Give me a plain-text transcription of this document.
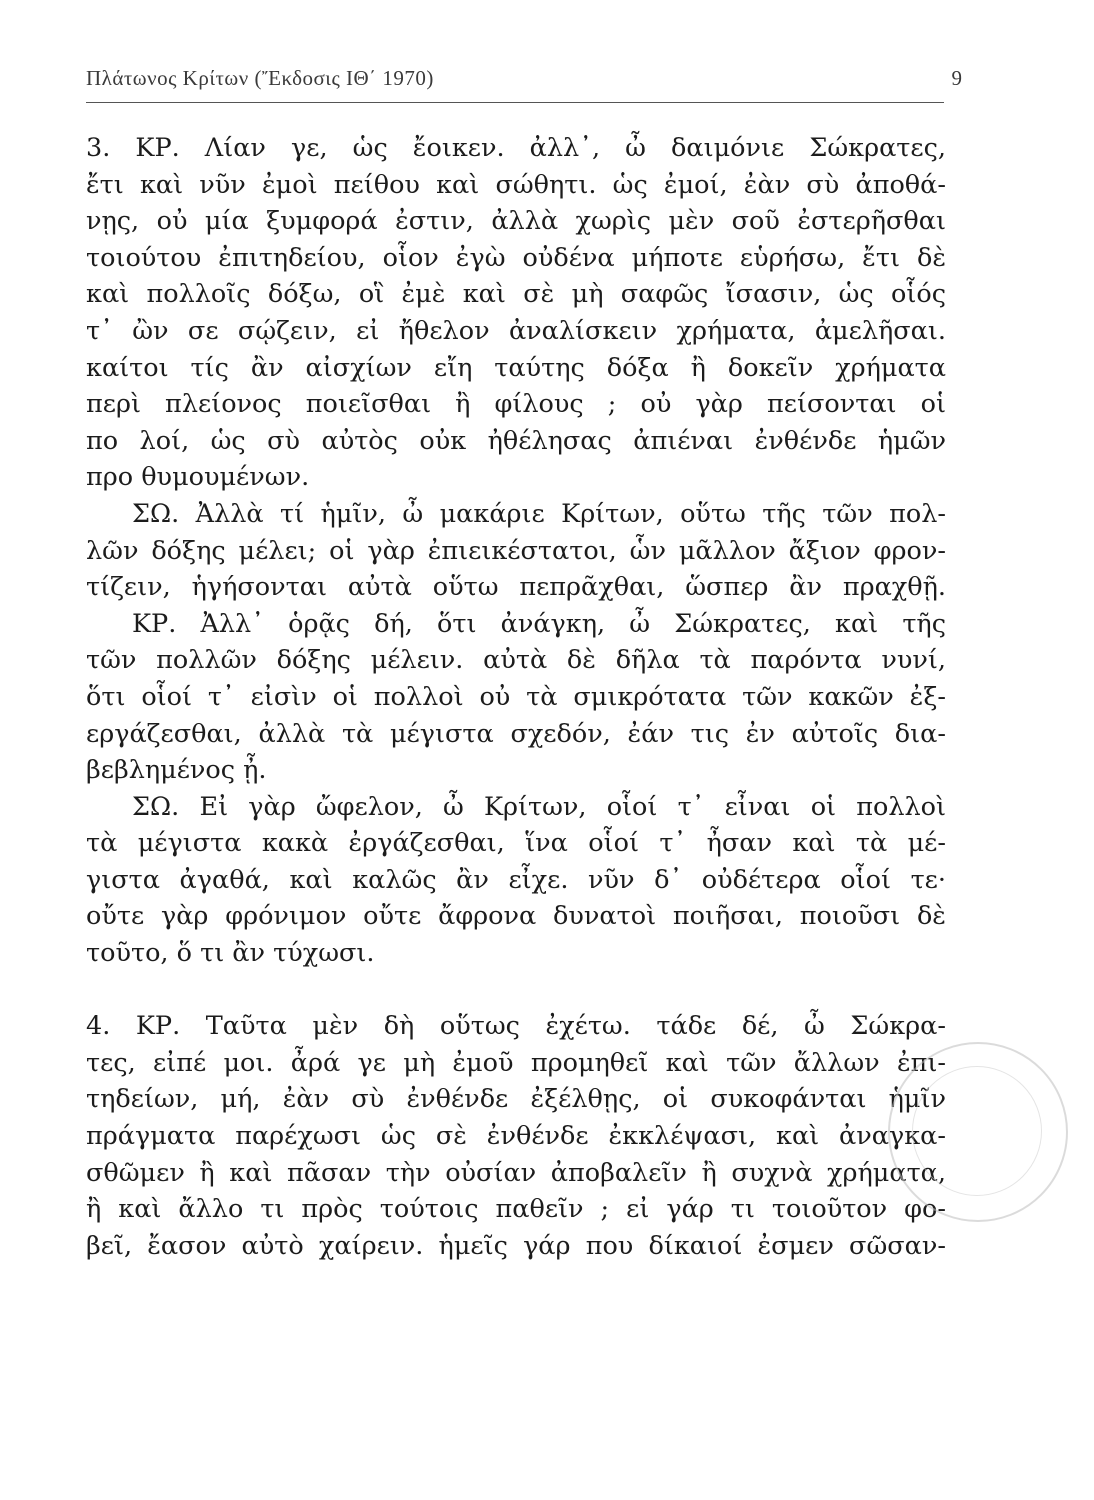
Πλάτωνος Κρίτων (Ἔκδοσις ΙΘ΄ 1970)	9
3. ΚΡ. Λίαν γε, ὡς ἔοικεν. ἀλλ᾽, ὦ δαιμόνιε Σώκρατες,
ἔτι καὶ νῦν ἐμοὶ πείθου καὶ σώθητι. ὡς ἐμοί, ἐὰν σὺ ἀποθά-
νῃς, οὐ μία ξυμφορά ἐστιν, ἀλλὰ χωρὶς μὲν σοῦ ἐστερῆσθαι
τοιούτου ἐπιτηδείου, οἷον ἐγὼ οὐδένα μήποτε εὑρήσω, ἔτι δὲ
καὶ πολλοῖς δόξω, οἳ ἐμὲ καὶ σὲ μὴ σαφῶς ἴσασιν, ὡς οἷός
τ᾽ ὢν σε σῴζειν, εἰ ἤθελον ἀναλίσκειν χρήματα, ἀμελῆσαι.
καίτοι τίς ἂν αἰσχίων εἴη ταύτης δόξα ἢ δοκεῖν χρήματα
περὶ πλείονος ποιεῖσθαι ἢ φίλους ; οὐ γὰρ πείσονται οἱ
πο λοί, ὡς σὺ αὐτὸς οὐκ ἠθέλησας ἀπιέναι ἐνθένδε ἡμῶν
προ θυμουμένων.
ΣΩ. Ἀλλὰ τί ἡμῖν, ὦ μακάριε Κρίτων, οὕτω τῆς τῶν πολ-
λῶν δόξης μέλει; οἱ γὰρ ἐπιεικέστατοι, ὧν μᾶλλον ἄξιον φρον-
τίζειν, ἡγήσονται αὐτὰ οὕτω πεπρᾶχθαι, ὥσπερ ἂν πραχθῇ.
ΚΡ. Ἀλλ᾽ ὁρᾷς δή, ὅτι ἀνάγκη, ὦ Σώκρατες, καὶ τῆς
τῶν πολλῶν δόξης μέλειν. αὐτὰ δὲ δῆλα τὰ παρόντα νυνί,
ὅτι οἷοί τ᾽ εἰσὶν οἱ πολλοὶ οὐ τὰ σμικρότατα τῶν κακῶν ἐξ-
εργάζεσθαι, ἀλλὰ τὰ μέγιστα σχεδόν, ἐάν τις ἐν αὐτοῖς δια-
βεβλημένος ᾖ.
ΣΩ. Εἰ γὰρ ὤφελον, ὦ Κρίτων, οἷοί τ᾽ εἶναι οἱ πολλοὶ
τὰ μέγιστα κακὰ ἐργάζεσθαι, ἵνα οἷοί τ᾽ ἦσαν καὶ τὰ μέ-
γιστα ἀγαθά, καὶ καλῶς ἂν εἶχε. νῦν δ᾽ οὐδέτερα οἷοί τε·
οὔτε γὰρ φρόνιμον οὔτε ἄφρονα δυνατοὶ ποιῆσαι, ποιοῦσι δὲ
τοῦτο, ὅ τι ἂν τύχωσι.
4. ΚΡ. Ταῦτα μὲν δὴ οὕτως ἐχέτω. τάδε δέ, ὦ Σώκρα-
τες, εἰπέ μοι. ἆρά γε μὴ ἐμοῦ προμηθεῖ καὶ τῶν ἄλλων ἐπι-
τηδείων, μή, ἐὰν σὺ ἐνθένδε ἐξέλθῃς, οἱ συκοφάνται ἡμῖν
πράγματα παρέχωσι ὡς σὲ ἐνθένδε ἐκκλέψασι, καὶ ἀναγκα-
σθῶμεν ἢ καὶ πᾶσαν τὴν οὐσίαν ἀποβαλεῖν ἢ συχνὰ χρήματα,
ἢ καὶ ἄλλο τι πρὸς τούτοις παθεῖν ; εἰ γάρ τι τοιοῦτον φο-
βεῖ, ἔασον αὐτὸ χαίρειν. ἡμεῖς γάρ που δίκαιοί ἐσμεν σῶσαν-
